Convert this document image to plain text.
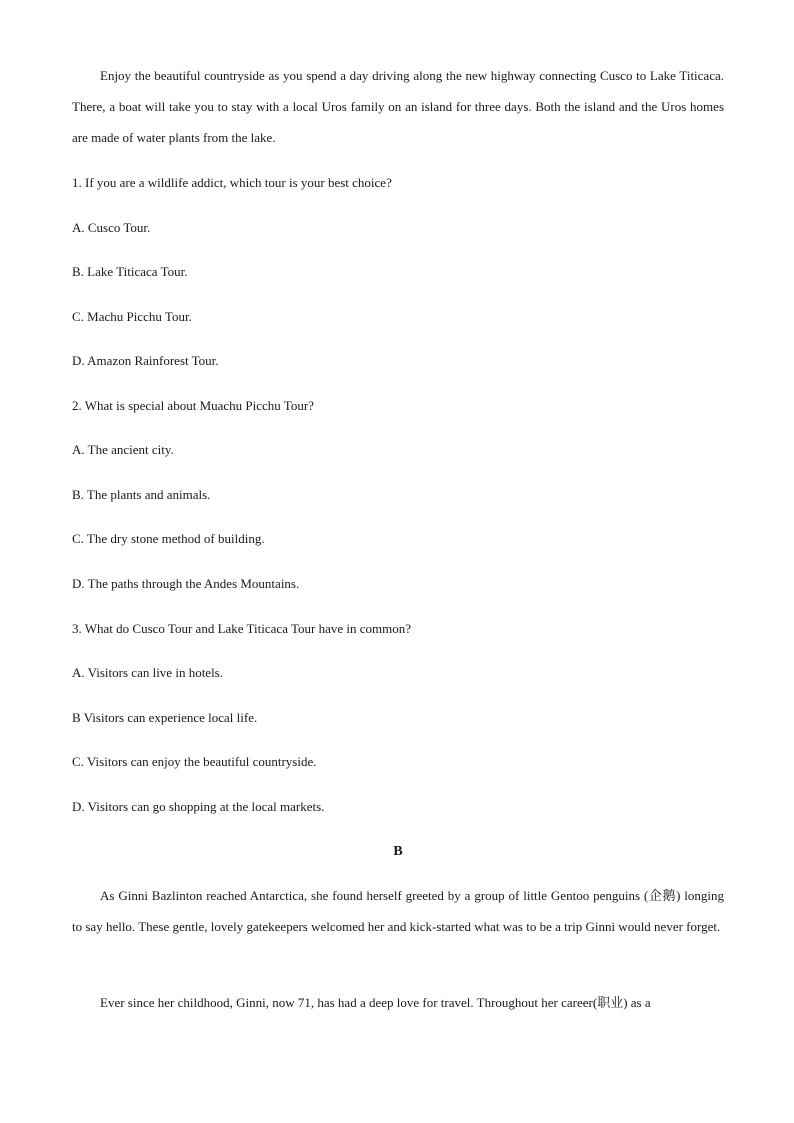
Enjoy the beautiful countryside as you spend a day driving along the new highway connecting Cusco to Lake Titicaca. There, a boat will take you to stay with a local Uros family on an island for three days. Both the island and the Uros homes are made of water plants from the lake.

1. If you are a wildlife addict, which tour is your best choice?

A. Cusco Tour.

B. Lake Titicaca Tour.

C. Machu Picchu Tour.

D. Amazon Rainforest Tour.

2. What is special about Muachu Picchu Tour?

A. The ancient city.

B. The plants and animals.

C. The dry stone method of building.

D. The paths through the Andes Mountains.

3. What do Cusco Tour and Lake Titicaca Tour have in common?

A. Visitors can live in hotels.

B Visitors can experience local life.

C. Visitors can enjoy the beautiful countryside.

D. Visitors can go shopping at the local markets.

B

As Ginni Bazlinton reached Antarctica, she found herself greeted by a group of little Gentoo penguins (企鹅) longing to say hello. These gentle, lovely gatekeepers welcomed her and kick-started what was to be a trip Ginni would never forget.

Ever since her childhood, Ginni, now 71, has had a deep love for travel. Throughout her career(职业) as a
